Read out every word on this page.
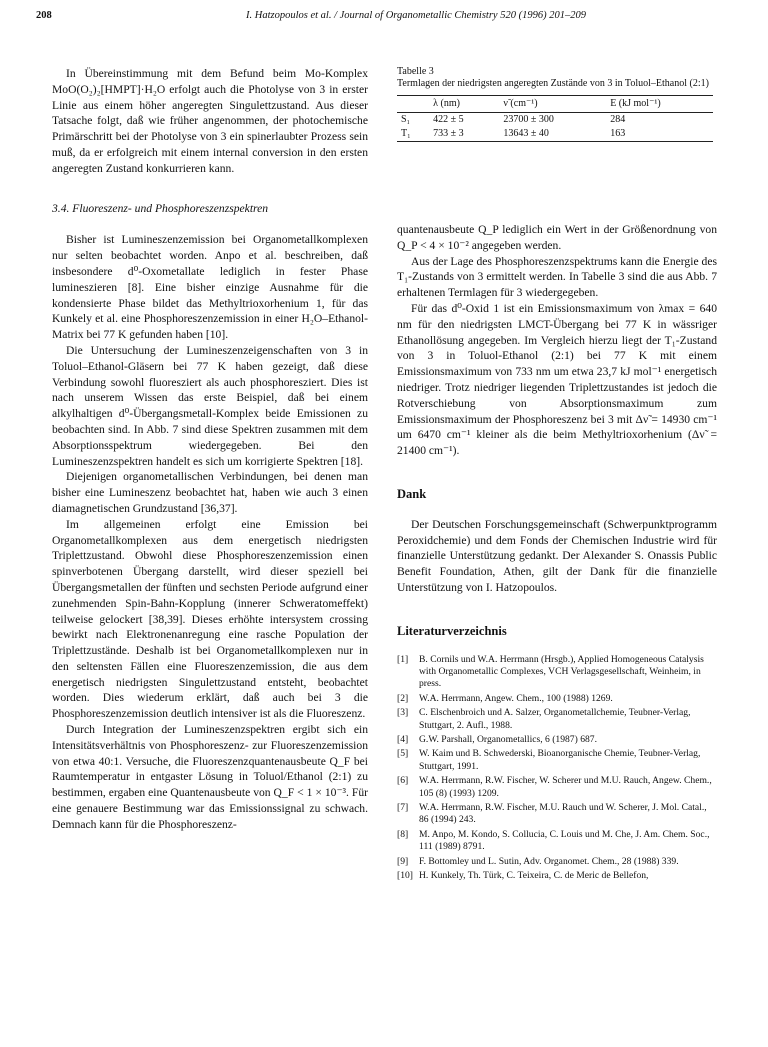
208	I. Hatzopoulos et al. / Journal of Organometallic Chemistry 520 (1996) 201–209

In Übereinstimmung mit dem Befund beim Mo-Komplex MoO(O₂)₂[HMPT]·H₂O erfolgt auch die Photolyse von 3 in erster Linie aus einem höher angeregten Singulettzustand. Aus dieser Tatsache folgt, daß wie früher angenommen, der photochemische Primärschritt bei der Photolyse von 3 ein spinerlaubter Prozess sein muß, da er erfolgreich mit einem internal conversion in den ersten angeregten Zustand konkurrieren kann.

3.4. Fluoreszenz- und Phosphoreszenzspektren

Bisher ist Lumineszenzemission bei Organometallkomplexen nur selten beobachtet worden. Anpo et al. beschreiben, daß insbesondere d⁰-Oxometallate lediglich in fester Phase lumineszieren [8]. Eine bisher einzige Ausnahme für die kondensierte Phase bildet das Methyltrioxorhenium 1, für das Kunkely et al. eine Phosphoreszenzemission in einer H₂O–Ethanol-Matrix bei 77 K gefunden haben [10].

Die Untersuchung der Lumineszenzeigenschaften von 3 in Toluol–Ethanol-Gläsern bei 77 K haben gezeigt, daß diese Verbindung sowohl fluoresziert als auch phosphoresziert. Dies ist nach unserem Wissen das erste Beispiel, daß bei einem alkylhaltigen d⁰-Übergangsmetall-Komplex beide Emissionen zu beobachten sind. In Abb. 7 sind diese Spektren zusammen mit dem Absorptionsspektrum wiedergegeben. Bei den Lumineszenzspektren handelt es sich um korrigierte Spektren [18].

Diejenigen organometallischen Verbindungen, bei denen man bisher eine Lumineszenz beobachtet hat, haben wie auch 3 einen diamagnetischen Grundzustand [36,37].

Im allgemeinen erfolgt eine Emission bei Organometallkomplexen aus dem energetisch niedrigsten Triplettzustand. Obwohl diese Phosphoreszenzemission einen spinverbotenen Übergang darstellt, wird dieser speziell bei Übergangsmetallen der fünften und sechsten Periode aufgrund einer zunehmenden Spin-Bahn-Kopplung (innerer Schweratomeffekt) teilweise gelockert [38,39]. Dieses erhöhte intersystem crossing bewirkt nach Elektronenanregung eine rasche Population der Triplettzustände. Deshalb ist bei Organometallkomplexen nur in den seltensten Fällen eine Fluoreszenzemission, die aus dem energetisch niedrigsten Singulettzustand entsteht, beobachtet worden. Dies wiederum erklärt, daß auch bei 3 die Phosphoreszenzemission deutlich intensiver ist als die Fluoreszenz.

Durch Integration der Lumineszenzspektren ergibt sich ein Intensitätsverhältnis von Phosphoreszenz- zur Fluoreszenzemission von etwa 40:1. Versuche, die Fluoreszenzquantenausbeute Q_F bei Raumtemperatur in entgaster Lösung in Toluol/Ethanol (2:1) zu bestimmen, ergaben eine Quantenausbeute von Q_F < 1 × 10⁻³. Für eine genauere Bestimmung war das Emissionssignal zu schwach. Demnach kann für die Phosphoreszenz-

Tabelle 3
Termlagen der niedrigsten angeregten Zustände von 3 in Toluol–Ethanol (2:1)
	λ (nm)	ν̃ (cm⁻¹)	E (kJ mol⁻¹)
S₁	422 ± 5	23700 ± 300	284
T₁	733 ± 3	13643 ± 40	163

quantenausbeute Q_P lediglich ein Wert in der Größenordnung von Q_P < 4 × 10⁻² angegeben werden.

Aus der Lage des Phosphoreszenzspektrums kann die Energie des T₁-Zustands von 3 ermittelt werden. In Tabelle 3 sind die aus Abb. 7 erhaltenen Termlagen für 3 wiedergegeben.

Für das d⁰-Oxid 1 ist ein Emissionsmaximum von λmax = 640 nm für den niedrigsten LMCT-Übergang bei 77 K in wässriger Ethanollösung angegeben. Im Vergleich hierzu liegt der T₁-Zustand von 3 in Toluol-Ethanol (2:1) bei 77 K mit einem Emissionsmaximum von 733 nm um etwa 23,7 kJ mol⁻¹ energetisch niedriger. Trotz niedriger liegenden Triplettzustandes ist jedoch die Rotverschiebung von Absorptionsmaximum zum Emissionsmaximum der Phosphoreszenz bei 3 mit Δν̃ = 14930 cm⁻¹ um 6470 cm⁻¹ kleiner als die beim Methyltrioxorhenium (Δν̃ = 21400 cm⁻¹).

Dank

Der Deutschen Forschungsgemeinschaft (Schwerpunktprogramm Peroxidchemie) und dem Fonds der Chemischen Industrie wird für finanzielle Unterstützung gedankt. Der Alexander S. Onassis Public Benefit Foundation, Athen, gilt der Dank für die finanzielle Unterstützung von I. Hatzopoulos.

Literaturverzeichnis
[1] B. Cornils und W.A. Herrmann (Hrsgb.), Applied Homogeneous Catalysis with Organometallic Complexes, VCH Verlagsgesellschaft, Weinheim, in press.
[2] W.A. Herrmann, Angew. Chem., 100 (1988) 1269.
[3] C. Elschenbroich und A. Salzer, Organometallchemie, Teubner-Verlag, Stuttgart, 2. Aufl., 1988.
[4] G.W. Parshall, Organometallics, 6 (1987) 687.
[5] W. Kaim und B. Schwederski, Bioanorganische Chemie, Teubner-Verlag, Stuttgart, 1991.
[6] W.A. Herrmann, R.W. Fischer, W. Scherer und M.U. Rauch, Angew. Chem., 105 (8) (1993) 1209.
[7] W.A. Herrmann, R.W. Fischer, M.U. Rauch und W. Scherer, J. Mol. Catal., 86 (1994) 243.
[8] M. Anpo, M. Kondo, S. Collucia, C. Louis und M. Che, J. Am. Chem. Soc., 111 (1989) 8791.
[9] F. Bottomley und L. Sutin, Adv. Organomet. Chem., 28 (1988) 339.
[10] H. Kunkely, Th. Türk, C. Teixeira, C. de Meric de Bellefon,
